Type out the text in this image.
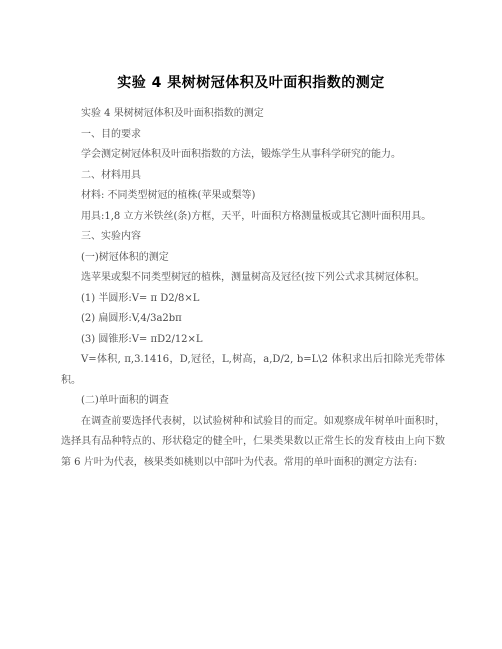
实验 4 果树树冠体积及叶面积指数的测定

实验 4 果树树冠体积及叶面积指数的测定

一、目的要求

学会测定树冠体积及叶面积指数的方法，锻炼学生从事科学研究的能力。

二、材料用具

材料: 不同类型树冠的植株(苹果或梨等)

用具:1,8 立方米铁丝(条)方框，天平，叶面积方格测量板或其它测叶面积用具。

三、实验内容

(一)树冠体积的测定

选苹果或梨不同类型树冠的植株，测量树高及冠径(按下列公式求其树冠体积。

(1) 半圆形:V= π D2/8×L

(2) 扁圆形:V,4/3a2bπ

(3) 圆锥形:V= πD2/12×L

V=体积, π,3.1416，D,冠径，L,树高，a,D/2, b=L\2 体积求出后扣除光秃带体积。

(二)单叶面积的调查

在调查前要选择代表树，以试验树种和试验目的而定。如观察成年树单叶面积时，选择具有品种特点的、形状稳定的健全叶，仁果类果数以正常生长的发育枝由上向下数第 6 片叶为代表，核果类如桃则以中部叶为代表。常用的单叶面积的测定方法有:
